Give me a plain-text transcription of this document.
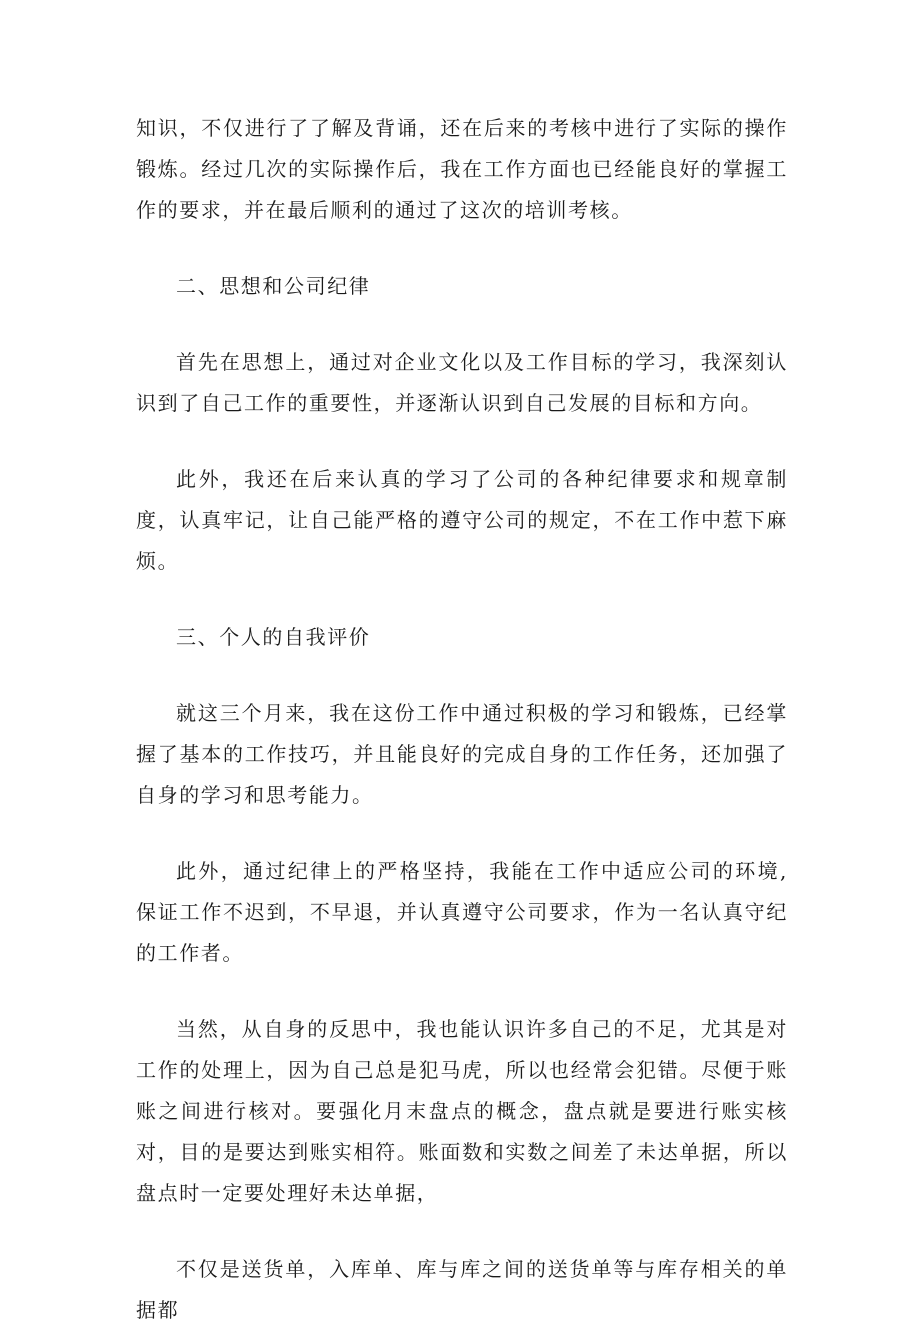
知识，不仅进行了了解及背诵，还在后来的考核中进行了实际的操作锻炼。经过几次的实际操作后，我在工作方面也已经能良好的掌握工作的要求，并在最后顺利的通过了这次的培训考核。

二、思想和公司纪律

首先在思想上，通过对企业文化以及工作目标的学习，我深刻认识到了自己工作的重要性，并逐渐认识到自己发展的目标和方向。

此外，我还在后来认真的学习了公司的各种纪律要求和规章制度，认真牢记，让自己能严格的遵守公司的规定，不在工作中惹下麻烦。

三、个人的自我评价

就这三个月来，我在这份工作中通过积极的学习和锻炼，已经掌握了基本的工作技巧，并且能良好的完成自身的工作任务，还加强了自身的学习和思考能力。

此外，通过纪律上的严格坚持，我能在工作中适应公司的环境,保证工作不迟到，不早退，并认真遵守公司要求，作为一名认真守纪的工作者。

当然，从自身的反思中，我也能认识许多自己的不足，尤其是对工作的处理上，因为自己总是犯马虎，所以也经常会犯错。尽便于账账之间进行核对。要强化月末盘点的概念，盘点就是要进行账实核对，目的是要达到账实相符。账面数和实数之间差了未达单据，所以盘点时一定要处理好未达单据，

不仅是送货单，入库单、库与库之间的送货单等与库存相关的单据都
